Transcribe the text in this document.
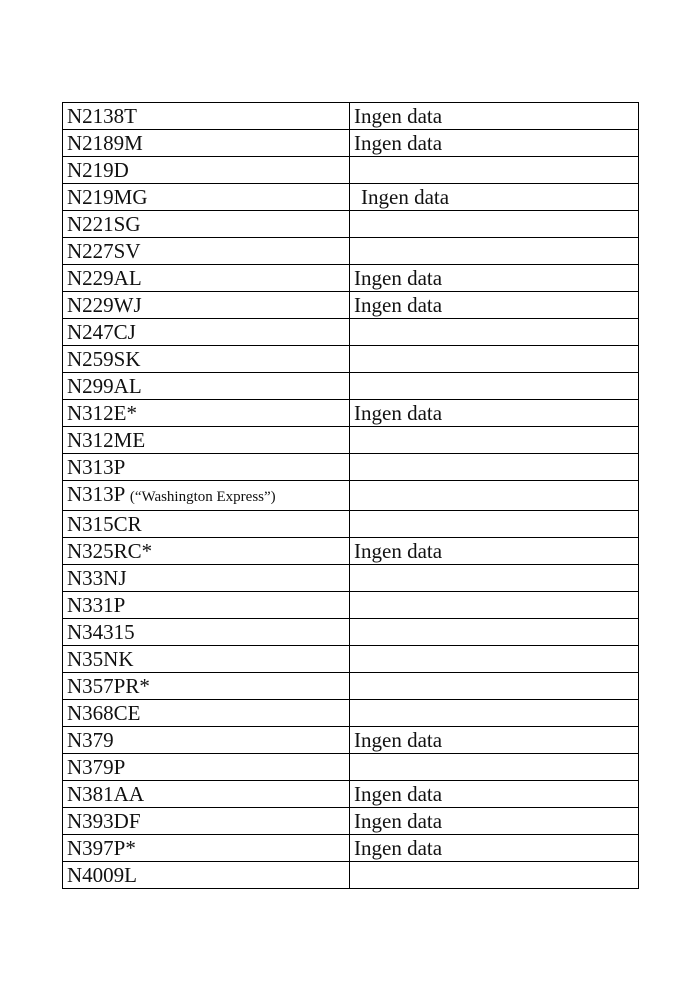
N2138T	Ingen data
N2189M	Ingen data
N219D	
N219MG	Ingen data
N221SG	
N227SV	
N229AL	Ingen data
N229WJ	Ingen data
N247CJ	
N259SK	
N299AL	
N312E*	Ingen data
N312ME	
N313P	
N313P (“Washington Express”)	
N315CR	
N325RC*	Ingen data
N33NJ	
N331P	
N34315	
N35NK	
N357PR*	
N368CE	
N379	Ingen data
N379P	
N381AA	Ingen data
N393DF	Ingen data
N397P*	Ingen data
N4009L	
